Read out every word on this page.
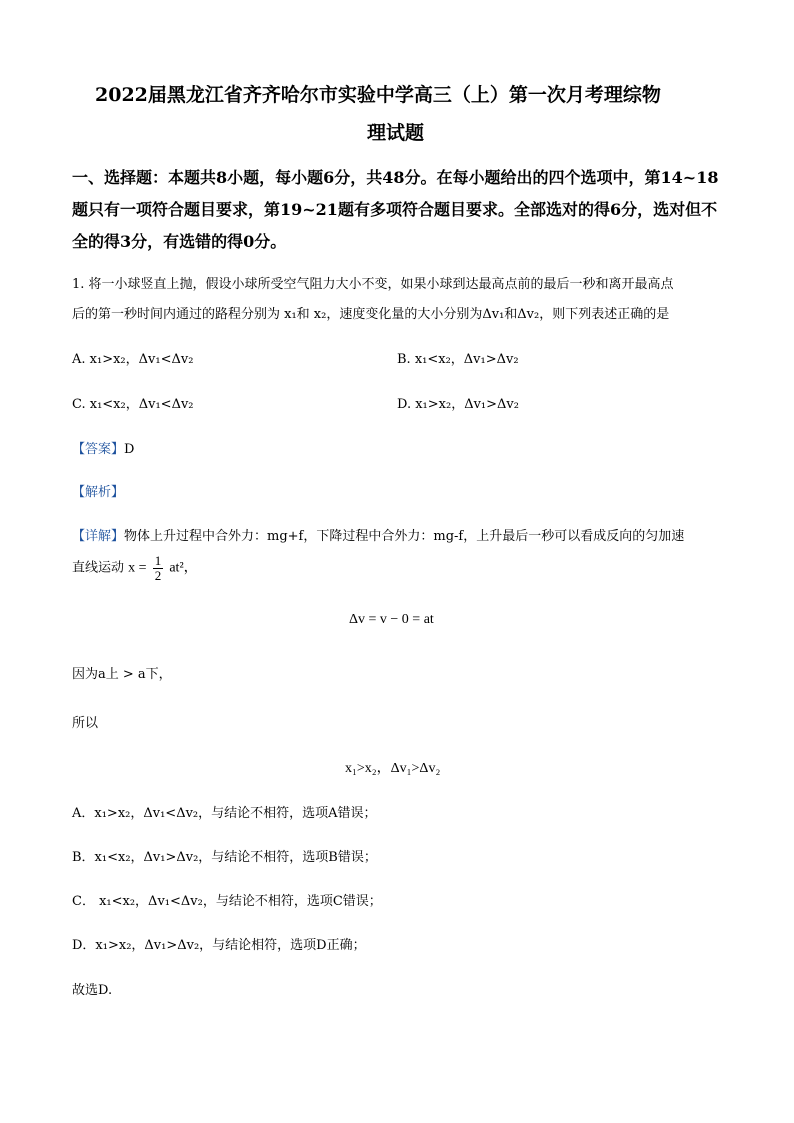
2022届黑龙江省齐齐哈尔市实验中学高三（上）第一次月考理综物
理试题
一、选择题：本题共8小题，每小题6分，共48分。在每小题给出的四个选项中，第14~18
题只有一项符合题目要求，第19~21题有多项符合题目要求。全部选对的得6分，选对但不
全的得3分，有选错的得0分。
1. 将一小球竖直上抛，假设小球所受空气阻力大小不变，如果小球到达最高点前的最后一秒和离开最高点
后的第一秒时间内通过的路程分别为 x₁和 x₂，速度变化量的大小分别为Δv₁和Δv₂，则下列表述正确的是
A. x₁>x₂，Δv₁<Δv₂	B. x₁<x₂，Δv₁>Δv₂
C. x₁<x₂，Δv₁<Δv₂	D. x₁>x₂，Δv₁>Δv₂
【答案】D
【解析】
【详解】物体上升过程中合外力：mg+f，下降过程中合外力：mg-f，上升最后一秒可以看成反向的匀加速
直线运动 $x = \frac{1}{2} at^2$，
Δv = v − 0 = at
因为a上 > a下，
所以
x₁>x₂，Δv₁>Δv₂
A．x₁>x₂，Δv₁<Δv₂，与结论不相符，选项A错误；
B．x₁<x₂，Δv₁>Δv₂，与结论不相符，选项B错误；
C． x₁<x₂，Δv₁<Δv₂，与结论不相符，选项C错误；
D．x₁>x₂，Δv₁>Δv₂，与结论相符，选项D正确；
故选D.
